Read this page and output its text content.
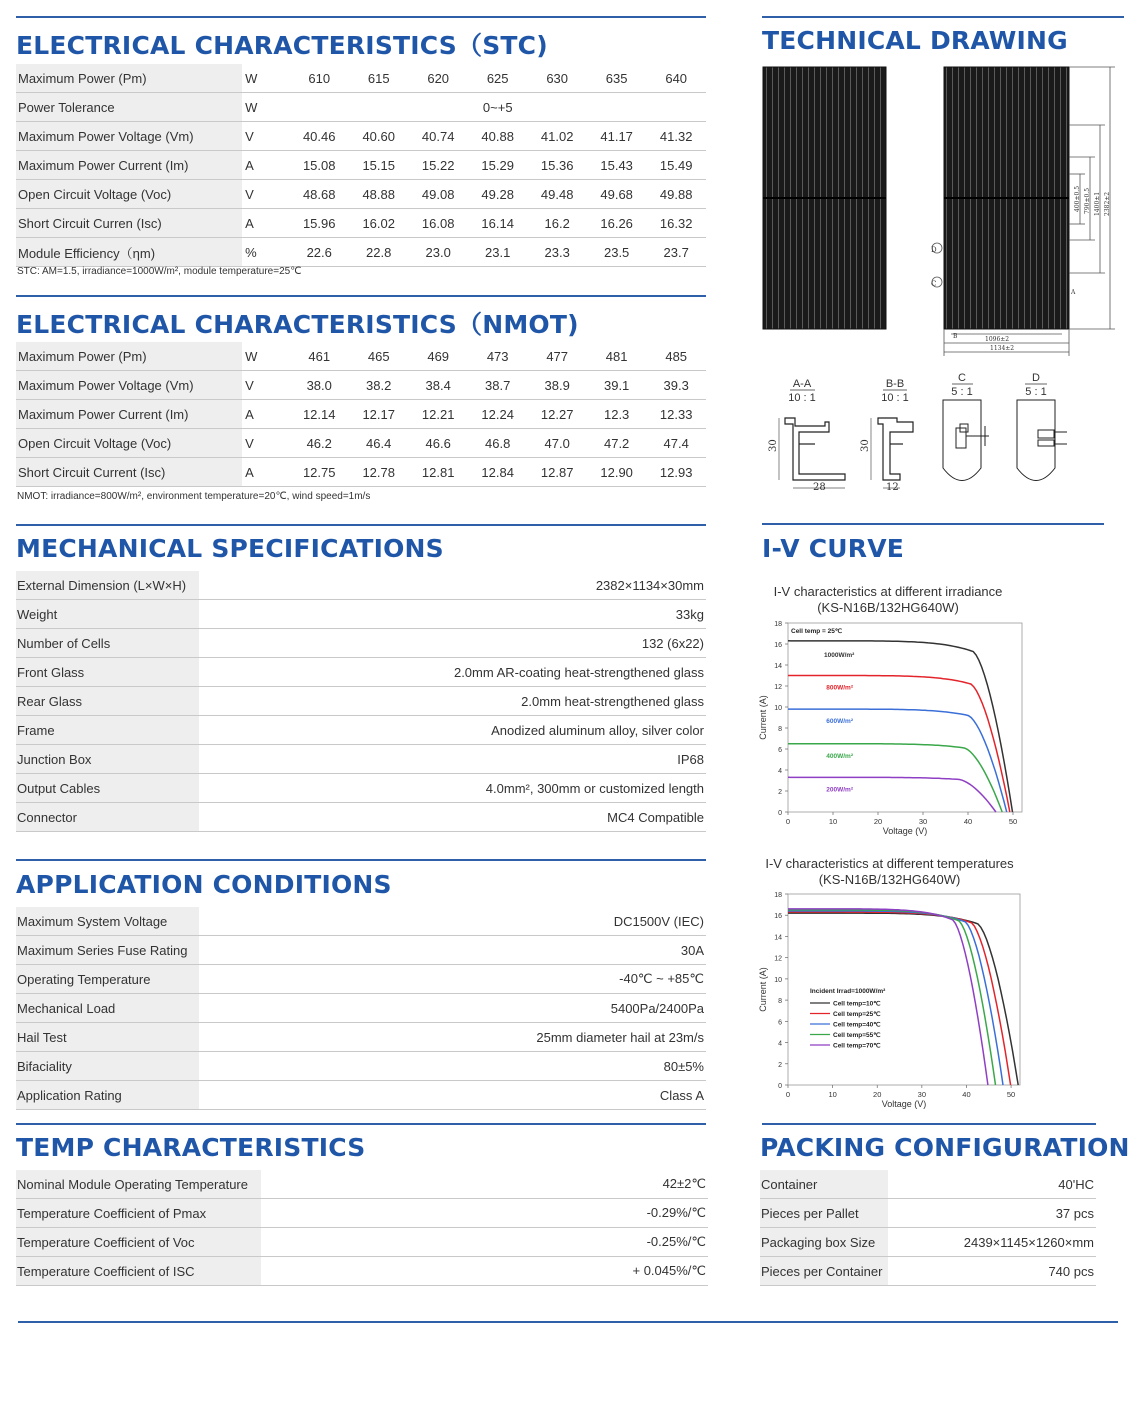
ELECTRICAL CHARACTERISTICS（STC)
Maximum Power (Pm)	W	610	615	620	625	630	635	640
Power Tolerance	W	0~+5						
Maximum Power Voltage (Vm)	V	40.46	40.60	40.74	40.88	41.02	41.17	41.32
Maximum Power Current (Im)	A	15.08	15.15	15.22	15.29	15.36	15.43	15.49
Open Circuit Voltage (Voc)	V	48.68	48.88	49.08	49.28	49.48	49.68	49.88
Short Circuit Curren (Isc)	A	15.96	16.02	16.08	16.14	16.2	16.26	16.32
Module Efficiency（ηm)	%	22.6	22.8	23.0	23.1	23.3	23.5	23.7
STC: AM=1.5, irradiance=1000W/m², module temperature=25℃
ELECTRICAL CHARACTERISTICS（NMOT)
Maximum Power (Pm)	W	461	465	469	473	477	481	485
Maximum Power Voltage (Vm)	V	38.0	38.2	38.4	38.7	38.9	39.1	39.3
Maximum Power Current (Im)	A	12.14	12.17	12.21	12.24	12.27	12.3	12.33
Open Circuit Voltage (Voc)	V	46.2	46.4	46.6	46.8	47.0	47.2	47.4
Short Circuit Current (Isc)	A	12.75	12.78	12.81	12.84	12.87	12.90	12.93
NMOT: irradiance=800W/m², environment temperature=20℃, wind speed=1m/s
MECHANICAL SPECIFICATIONS
External Dimension (L×W×H)	2382×1134×30mm
Weight	33kg
Number of Cells	132 (6x22)
Front Glass	2.0mm AR-coating heat-strengthened glass
Rear Glass	2.0mm heat-strengthened glass
Frame	Anodized aluminum alloy, silver color
Junction Box	IP68
Output Cables	4.0mm², 300mm or customized length
Connector	MC4 Compatible
APPLICATION CONDITIONS
Maximum System Voltage	DC1500V (IEC)
Maximum Series Fuse Rating	30A
Operating Temperature	-40℃ ~ +85℃
Mechanical Load	5400Pa/2400Pa
Hail Test	25mm diameter hail at 23m/s
Bifaciality	80±5%
Application Rating	Class A
TEMP CHARACTERISTICS
Nominal Module Operating Temperature	42±2℃
Temperature Coefficient of Pmax	-0.29%/℃
Temperature Coefficient of Voc	-0.25%/℃
Temperature Coefficient of ISC	+ 0.045%/℃
TECHNICAL DRAWING
1096±2
1134±2
400±0.5 790±0.5 1400±1 2382±2
D
C
A
B
A-A
10 : 1
B-B
10 : 1
C
5 : 1
D
5 : 1
30
28
30
12
I-V CURVE
I-V characteristics at different irradiance
(KS-N16B/132HG640W)
0
2
4
6
8
10
12
14
16
18
0	10	20	30	40	50
Voltage (V)
Current (A)
1000W/m²
800W/m²
600W/m²
400W/m²
200W/m²
Cell temp = 25℃
I-V characteristics at different temperatures
(KS-N16B/132HG640W)
0
2
4
6
8
10
12
14
16
18
0	10	20	30	40	50
Voltage (V)
Current (A)	Cell temp=10℃
Cell temp=25℃
Cell temp=40℃
Cell temp=55℃
Cell temp=70℃
Incident Irrad=1000W/m²
PACKING CONFIGURATION
Container	40'HC
Pieces per Pallet	37 pcs
Packaging box Size	2439×1145×1260×mm
Pieces per Container	740 pcs
